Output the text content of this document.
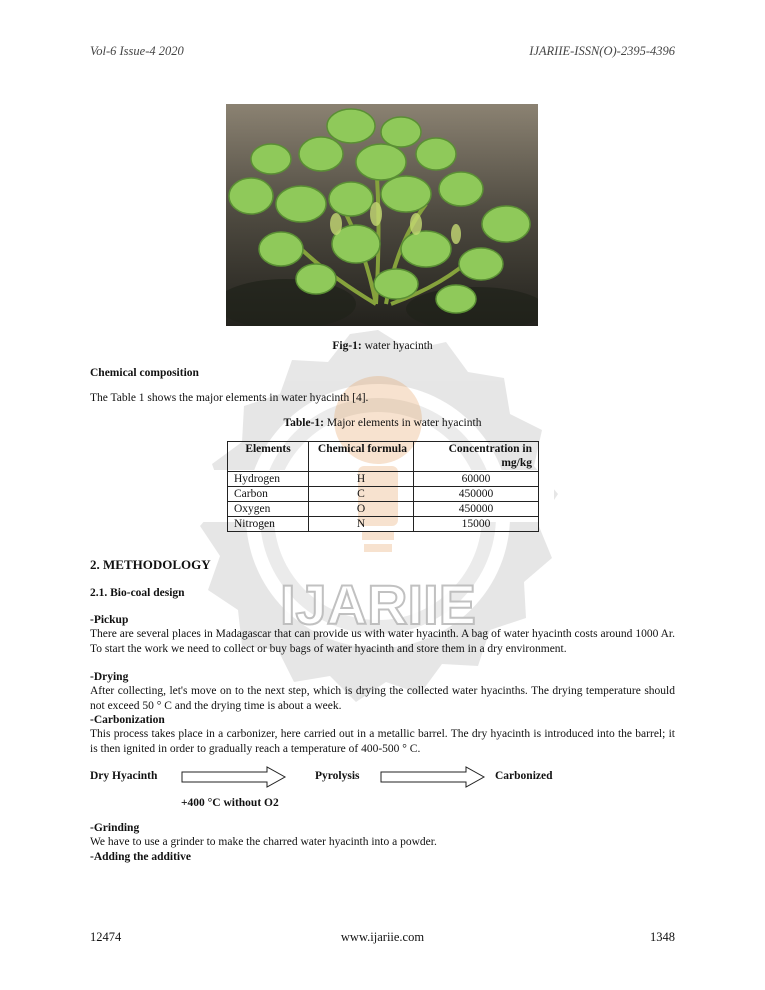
Vol-6 Issue-4 2020	IJARIIE-ISSN(O)-2395-4396
IJARIIE
Fig-1: water hyacinth
Chemical composition
The Table 1 shows the major elements in water hyacinth [4].
Table-1: Major elements in water hyacinth
Elements	Chemical formula	Concentration in mg/kg
Hydrogen	H	60000
Carbon	C	450000
Oxygen	O	450000
Nitrogen	N	15000
2. METHODOLOGY
2.1. Bio-coal design
-Pickup
There are several places in Madagascar that can provide us with water hyacinth. A bag of water hyacinth costs around 1000 Ar. To start the work we need to collect or buy bags of water hyacinth and store them in a dry environment.
-Drying
After collecting, let's move on to the next step, which is drying the collected water hyacinths. The drying temperature should not exceed 50 ° C and the drying time is about a week.
-Carbonization
This process takes place in a carbonizer, here carried out in a metallic barrel. The dry hyacinth is introduced into the barrel; it is then ignited in order to gradually reach a temperature of 400-500 ° C.
Dry Hyacinth	Pyrolysis	Carbonized
+400 °C without O2
-Grinding
We have to use a grinder to make the charred water hyacinth into a powder.
-Adding the additive
12474	www.ijariie.com	1348
